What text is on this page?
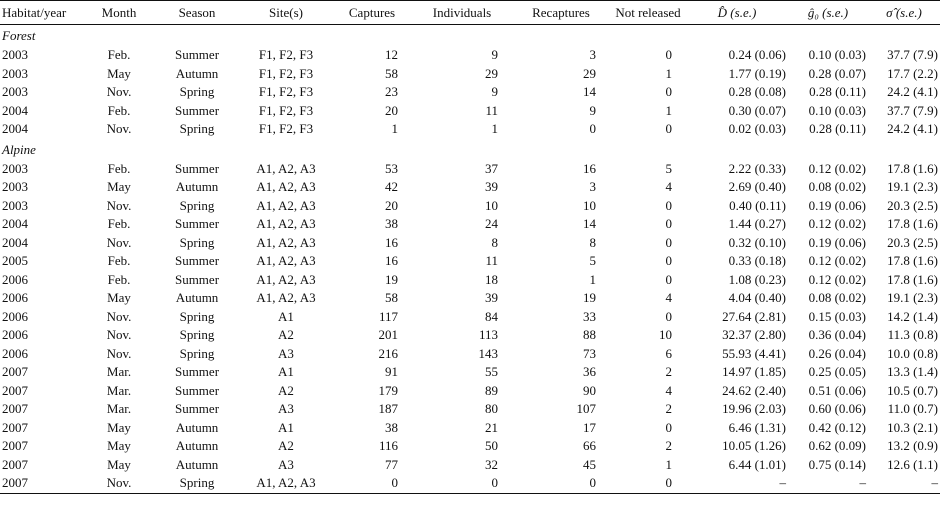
Habitat/year	Month	Season	Site(s)	Captures	Individuals	Recaptures	Not released	D̂ (s.e.)	ĝ₀ (s.e.)	σ̂ (s.e.)
Forest										
2003	Feb.	Summer	F1, F2, F3	12	9	3	0	0.24 (0.06)	0.10 (0.03)	37.7 (7.9)
2003	May	Autumn	F1, F2, F3	58	29	29	1	1.77 (0.19)	0.28 (0.07)	17.7 (2.2)
2003	Nov.	Spring	F1, F2, F3	23	9	14	0	0.28 (0.08)	0.28 (0.11)	24.2 (4.1)
2004	Feb.	Summer	F1, F2, F3	20	11	9	1	0.30 (0.07)	0.10 (0.03)	37.7 (7.9)
2004	Nov.	Spring	F1, F2, F3	1	1	0	0	0.02 (0.03)	0.28 (0.11)	24.2 (4.1)
Alpine										
2003	Feb.	Summer	A1, A2, A3	53	37	16	5	2.22 (0.33)	0.12 (0.02)	17.8 (1.6)
2003	May	Autumn	A1, A2, A3	42	39	3	4	2.69 (0.40)	0.08 (0.02)	19.1 (2.3)
2003	Nov.	Spring	A1, A2, A3	20	10	10	0	0.40 (0.11)	0.19 (0.06)	20.3 (2.5)
2004	Feb.	Summer	A1, A2, A3	38	24	14	0	1.44 (0.27)	0.12 (0.02)	17.8 (1.6)
2004	Nov.	Spring	A1, A2, A3	16	8	8	0	0.32 (0.10)	0.19 (0.06)	20.3 (2.5)
2005	Feb.	Summer	A1, A2, A3	16	11	5	0	0.33 (0.18)	0.12 (0.02)	17.8 (1.6)
2006	Feb.	Summer	A1, A2, A3	19	18	1	0	1.08 (0.23)	0.12 (0.02)	17.8 (1.6)
2006	May	Autumn	A1, A2, A3	58	39	19	4	4.04 (0.40)	0.08 (0.02)	19.1 (2.3)
2006	Nov.	Spring	A1	117	84	33	0	27.64 (2.81)	0.15 (0.03)	14.2 (1.4)
2006	Nov.	Spring	A2	201	113	88	10	32.37 (2.80)	0.36 (0.04)	11.3 (0.8)
2006	Nov.	Spring	A3	216	143	73	6	55.93 (4.41)	0.26 (0.04)	10.0 (0.8)
2007	Mar.	Summer	A1	91	55	36	2	14.97 (1.85)	0.25 (0.05)	13.3 (1.4)
2007	Mar.	Summer	A2	179	89	90	4	24.62 (2.40)	0.51 (0.06)	10.5 (0.7)
2007	Mar.	Summer	A3	187	80	107	2	19.96 (2.03)	0.60 (0.06)	11.0 (0.7)
2007	May	Autumn	A1	38	21	17	0	6.46 (1.31)	0.42 (0.12)	10.3 (2.1)
2007	May	Autumn	A2	116	50	66	2	10.05 (1.26)	0.62 (0.09)	13.2 (0.9)
2007	May	Autumn	A3	77	32	45	1	6.44 (1.01)	0.75 (0.14)	12.6 (1.1)
2007	Nov.	Spring	A1, A2, A3	0	0	0	0	–	–	–
